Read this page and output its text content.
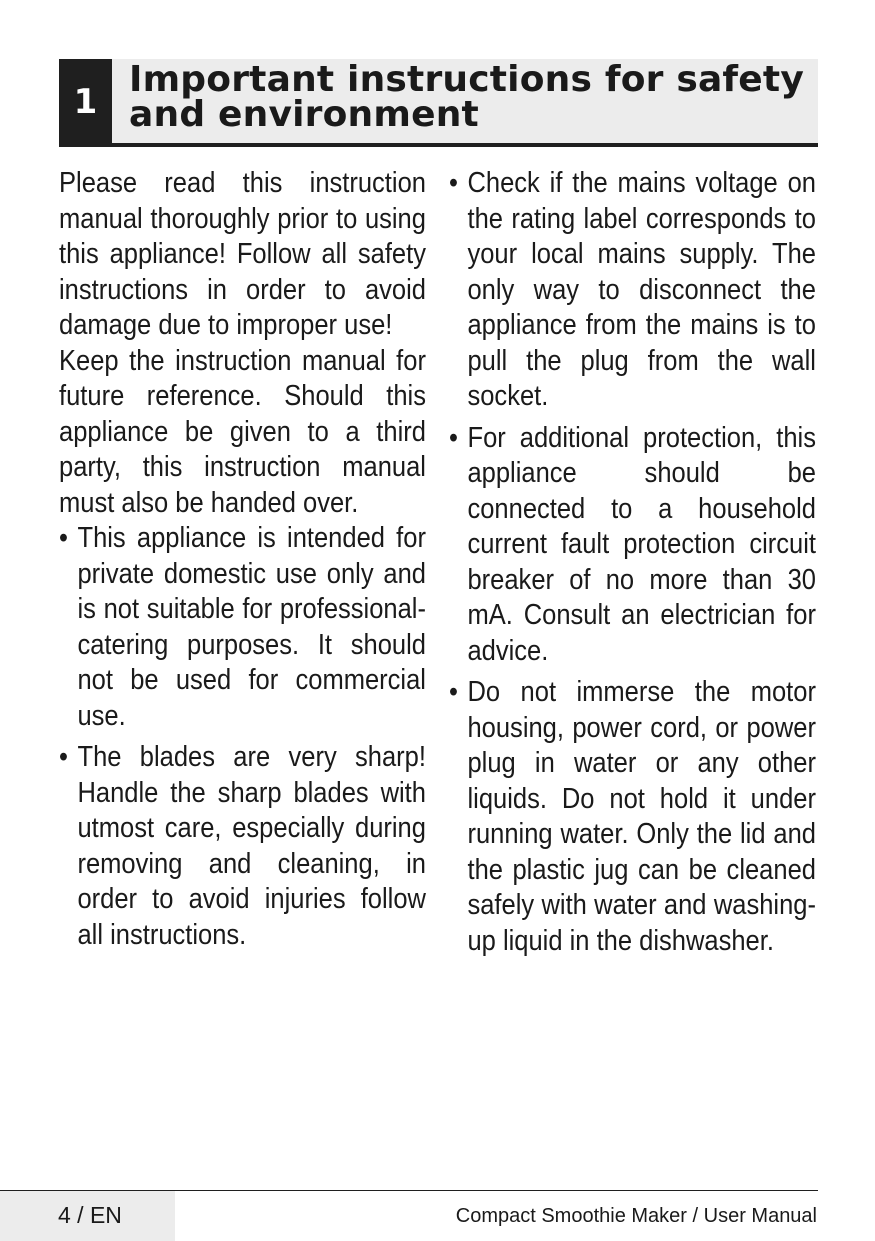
1
Important instructions for safety and environment

Please read this instruction manual thoroughly prior to using this appliance! Follow all safety instructions in order to avoid damage due to improper use!

Keep the instruction manual for future reference. Should this appliance be given to a third party, this instruction manual must also be handed over.

• This appliance is intended for private domestic use only and is not suitable for professional-catering purposes. It should not be used for commercial use.
• The blades are very sharp! Handle the sharp blades with utmost care, especially during removing and cleaning, in order to avoid injuries follow all instructions.
• Check if the mains voltage on the rating label corresponds to your local mains supply. The only way to disconnect the appliance from the mains is to pull the plug from the wall socket.
• For additional protection, this appliance should be connected to a household current fault protection circuit breaker of no more than 30 mA. Consult an electrician for advice.
• Do not immerse the motor housing, power cord, or power plug in water or any other liquids. Do not hold it under running water. Only the lid and the plastic jug can be cleaned safely with water and washing-up liquid in the dishwasher.
4 / EN	Compact Smoothie Maker / User Manual
